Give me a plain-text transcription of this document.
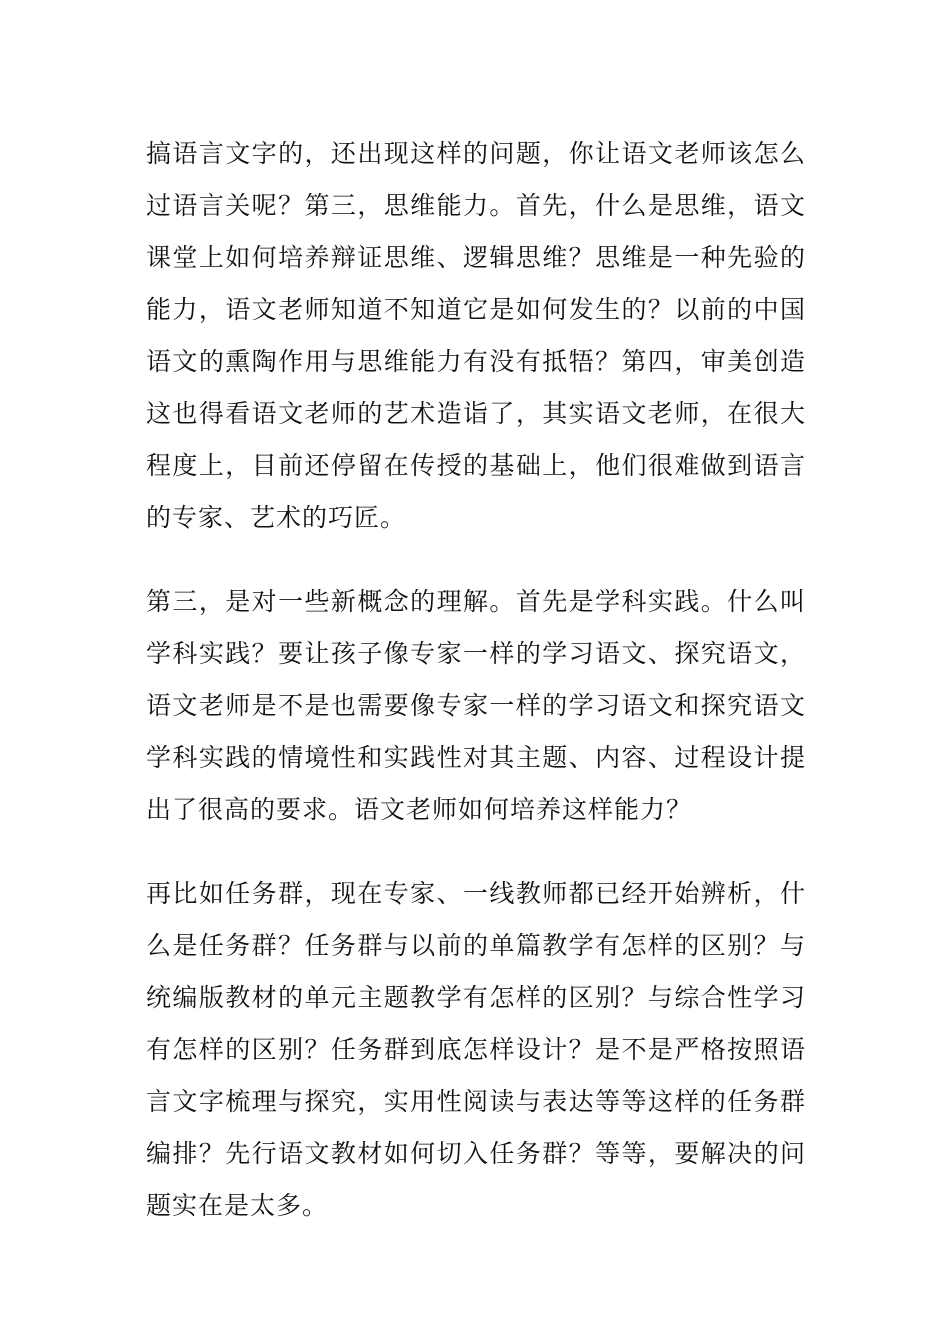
搞语言文字的，还出现这样的问题，你让语文老师该怎么
过语言关呢？第三，思维能力。首先，什么是思维，语文
课堂上如何培养辩证思维、逻辑思维？思维是一种先验的
能力，语文老师知道不知道它是如何发生的？以前的中国
语文的熏陶作用与思维能力有没有抵牾？第四，审美创造
这也得看语文老师的艺术造诣了，其实语文老师，在很大
程度上，目前还停留在传授的基础上，他们很难做到语言
的专家、艺术的巧匠。

第三，是对一些新概念的理解。首先是学科实践。什么叫
学科实践？要让孩子像专家一样的学习语文、探究语文，
语文老师是不是也需要像专家一样的学习语文和探究语文
学科实践的情境性和实践性对其主题、内容、过程设计提
出了很高的要求。语文老师如何培养这样能力？

再比如任务群，现在专家、一线教师都已经开始辨析，什
么是任务群？任务群与以前的单篇教学有怎样的区别？与
统编版教材的单元主题教学有怎样的区别？与综合性学习
有怎样的区别？任务群到底怎样设计？是不是严格按照语
言文字梳理与探究，实用性阅读与表达等等这样的任务群
编排？先行语文教材如何切入任务群？等等，要解决的问
题实在是太多。
